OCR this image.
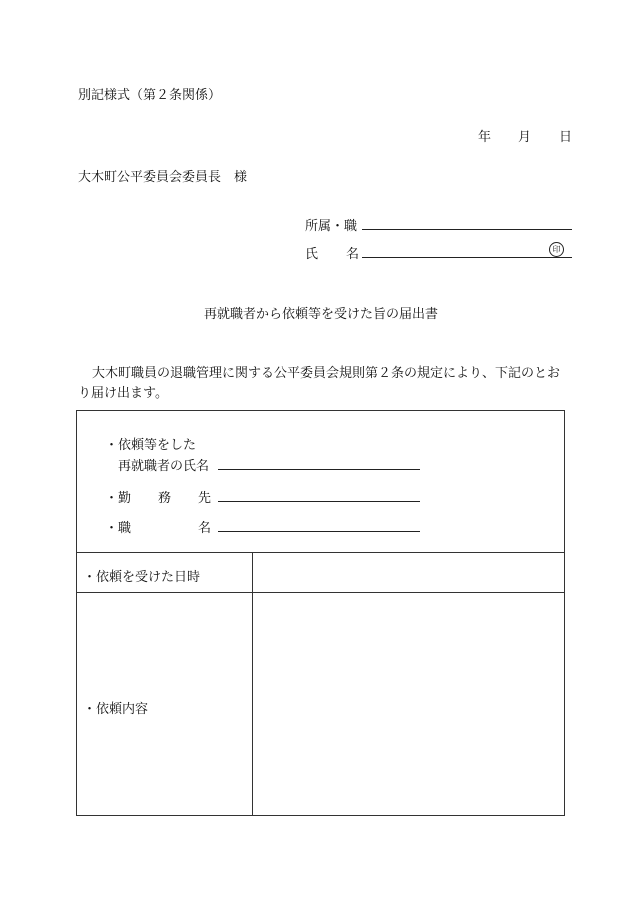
別記様式（第２条関係）
年 月 日
大木町公平委員会委員長　様
所属・職
氏 名	印
再就職者から依頼等を受けた旨の届出書
大木町職員の退職管理に関する公平委員会規則第２条の規定により、下記のとお
り届け出ます。
・依頼等をした
再就職者の氏名
・勤 務 先
・職	名
・依頼を受けた日時
・依頼内容
